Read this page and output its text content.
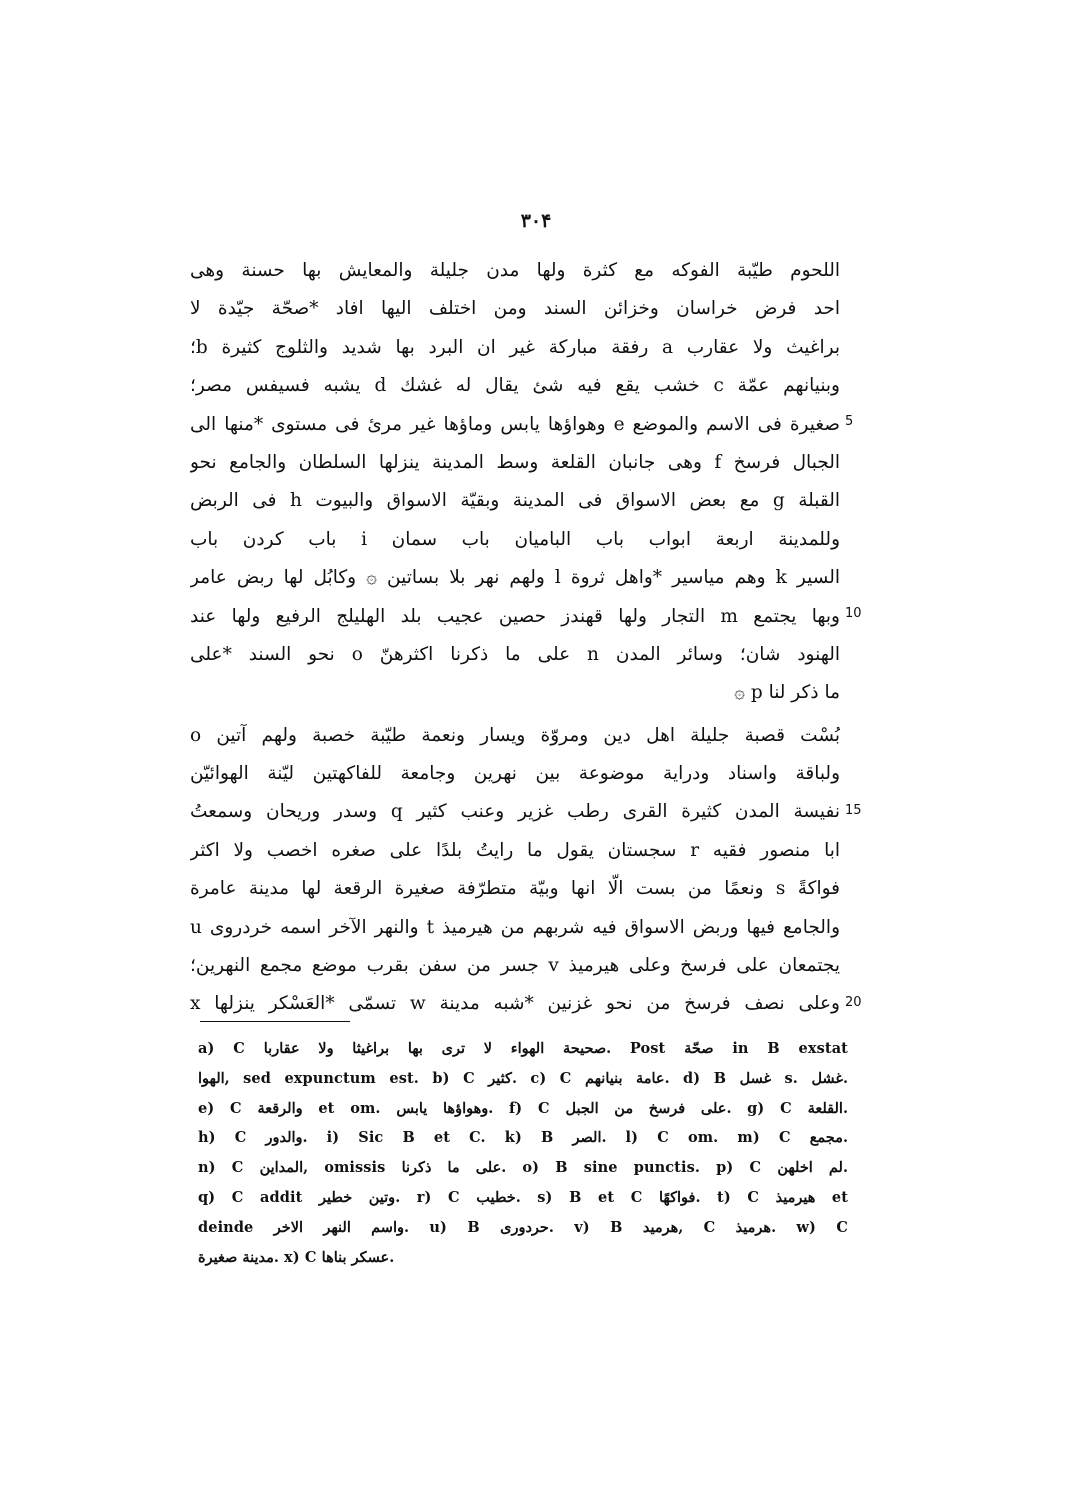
٣٠۴
اللحوم طيّبة الفوكه مع كثرة ولها مدن جليلة والمعايش بها حسنة وهى
احد فرض خراسان وخزائن السند ومن اختلف اليها افاد *صحّة جيّدة لا
براغيث ولا عقارب a رفقة مباركة غير ان البرد بها شديد والثلوج كثيرة b؛
وبنيانهم عمّة c خشب يقع فيه شئ يقال له غشك d يشبه فسيفس مصر؛
صغيرة فى الاسم والموضع e وهواؤها يابس وماؤها غير مرئ فى مستوى *منها الى
الجبال فرسخ f وهى جانبان القلعة وسط المدينة ينزلها السلطان والجامع نحو
القبلة g مع بعض الاسواق فى المدينة وبقيّة الاسواق والبيوت h فى الربض
وللمدينة اربعة ابواب باب الباميان باب سمان i باب كردن باب
السير k وهم مياسير *واهل ثروة l ولهم نهر بلا بساتين ۞ وكابُل لها ربض عامر
وبها يجتمع m التجار ولها قهندز حصين عجيب بلد الهليلج الرفيع ولها عند
الهنود شان؛ وسائر المدن n على ما ذكرنا اكثرهنّ o نحو السند *على
ما ذكر لنا p ۞
بُسْت قصبة جليلة اهل دين ومروّة ويسار ونعمة طيّبة خصبة ولهم آتين o
ولباقة واسناد ودراية موضوعة بين نهرين وجامعة للفاكهتين ليّنة الهوائيّن
نفيسة المدن كثيرة القرى رطب غزير وعنب كثير q وسدر وريحان وسمعتُ
ابا منصور فقيه r سجستان يقول ما رايتُ بلدًا على صغره اخصب ولا اكثر
فواكةً s ونعمًا من بست الّا انها وبيّة متطرّفة صغيرة الرقعة لها مدينة عامرة
والجامع فيها وربض الاسواق فيه شربهم من هيرميذ t والنهر الآخر اسمه خردروى u
يجتمعان على فرسخ وعلى هيرميذ v جسر من سفن بقرب موضع مجمع النهرين؛
وعلى نصف فرسخ من نحو غزنين *شبه مدينة w تسمّى *العَسْكر ينزلها x
5
10
15
20
a) C صحيحة الهواء لا ترى بها براغيثا ولا عقاربا. Post صحّة in B exstat
الهوا, sed expunctum est. b) C كثير. c) C عامة بنيانهم. d) B غسل s. غشل.
e) C والرقعة et om. وهواؤها يابس. f) C على فرسخ من الجبل. g) C القلعة.
h) C والدور. i) Sic B et C. k) B الصر. l) C om. m) C مجمع.
n) C المداين, omissis على ما ذكرنا. o) B sine punctis. p) C لم اخلهن.
q) C addit وتين خطير. r) C خطيب. s) B et C فواكهًا. t) C هيرميذ et
deinde واسم النهر الاخر. u) B حردورى. v) B هرميد, C هرميذ. w) C
مدينة صغيرة. x) C عسكر بناها.
